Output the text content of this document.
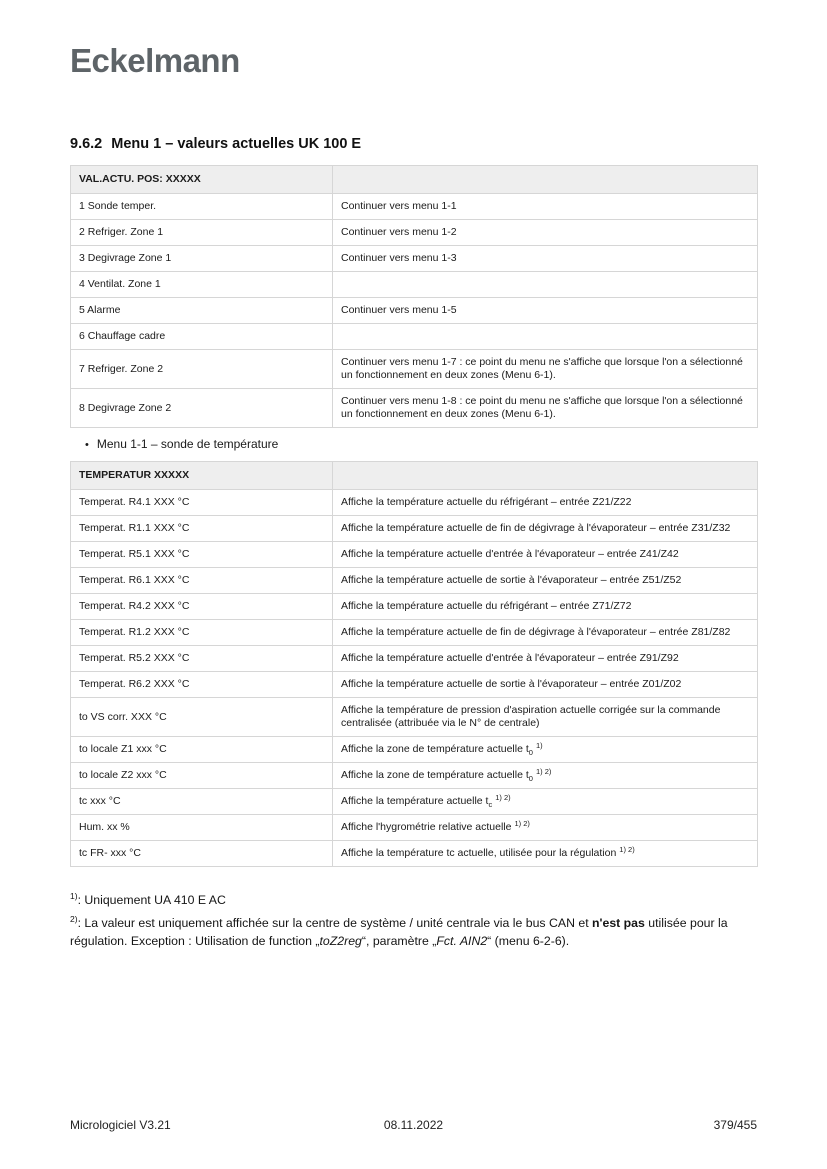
Eckelmann
9.6.2 Menu 1 – valeurs actuelles UK 100 E
VAL.ACTU. POS: XXXXX	
1 Sonde temper.	Continuer vers menu 1-1
2 Refriger. Zone 1	Continuer vers menu 1-2
3 Degivrage Zone 1	Continuer vers menu 1-3
4 Ventilat. Zone 1	
5 Alarme	Continuer vers menu 1-5
6 Chauffage cadre	
7 Refriger. Zone 2	Continuer vers menu 1-7 : ce point du menu ne s'affiche que lorsque l'on a sélectionné un fonctionnement en deux zones (Menu 6-1).
8 Degivrage Zone 2	Continuer vers menu 1-8 : ce point du menu ne s'affiche que lorsque l'on a sélectionné un fonctionnement en deux zones (Menu 6-1).
• Menu 1-1 – sonde de température
TEMPERATUR XXXXX	
Temperat. R4.1 XXX °C	Affiche la température actuelle du réfrigérant – entrée Z21/Z22
Temperat. R1.1 XXX °C	Affiche la température actuelle de fin de dégivrage à l'évaporateur – entrée Z31/Z32
Temperat. R5.1 XXX °C	Affiche la température actuelle d'entrée à l'évaporateur – entrée Z41/Z42
Temperat. R6.1 XXX °C	Affiche la température actuelle de sortie à l'évaporateur – entrée Z51/Z52
Temperat. R4.2 XXX °C	Affiche la température actuelle du réfrigérant – entrée Z71/Z72
Temperat. R1.2 XXX °C	Affiche la température actuelle de fin de dégivrage à l'évaporateur – entrée Z81/Z82
Temperat. R5.2 XXX °C	Affiche la température actuelle d'entrée à l'évaporateur – entrée Z91/Z92
Temperat. R6.2 XXX °C	Affiche la température actuelle de sortie à l'évaporateur – entrée Z01/Z02
to VS corr. XXX °C	Affiche la température de pression d'aspiration actuelle corrigée sur la commande centralisée (attribuée via le N° de centrale)
to locale Z1 xxx °C	Affiche la zone de température actuelle $t_0^{1)}$
to locale Z2 xxx °C	Affiche la zone de température actuelle $t_0^{1) 2)}$
tc xxx °C	Affiche la température actuelle $t_c^{1) 2)}$
Hum. xx %	Affiche l'hygrométrie relative actuelle $^{1) 2)}$
tc FR- xxx °C	Affiche la température tc actuelle, utilisée pour la régulation $^{1) 2)}$

$^{1)}$: Uniquement UA 410 E AC

$^{2)}$: La valeur est uniquement affichée sur la centre de système / unité centrale via le bus CAN et n'est pas utilisée pour la régulation. Exception : Utilisation de function „toZ2reg“, paramètre „Fct. AIN2“ (menu 6-2-6).

08.11.2022
Micrologiciel V3.21	379/455
